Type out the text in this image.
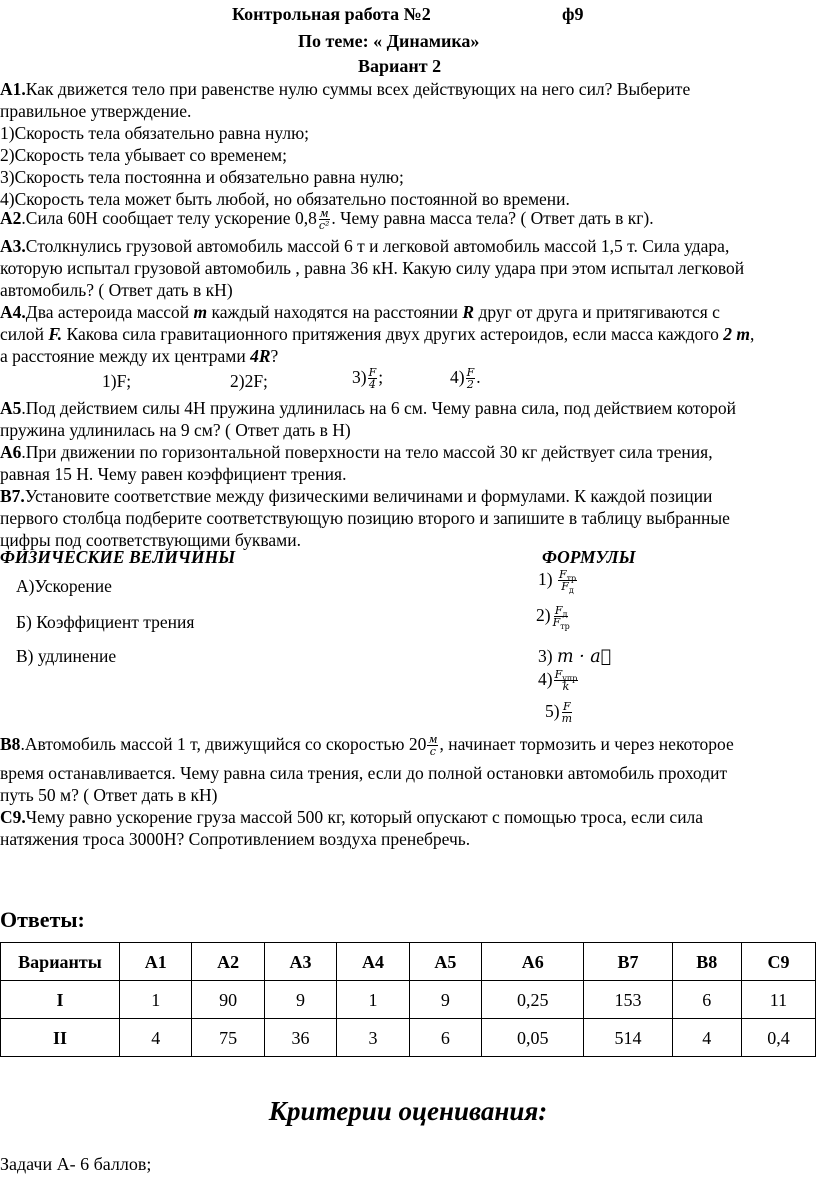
Контрольная работа №2	ф9
По теме: « Динамика»
Вариант 2
А1.Как движется тело при равенстве нулю суммы всех действующих на него сил? Выберите
правильное утверждение.
1)Скорость тела обязательно равна нулю;
2)Скорость тела убывает со временем;
3)Скорость тела постоянна и обязательно равна нулю;
4)Скорость тела может быть любой, но обязательно постоянной во времени.
А2.Сила 60Н сообщает телу ускорение $0,8 \frac{м}{\text{с²}}$ . Чему равна масса тела? ( Ответ дать в кг).
А3.Столкнулись грузовой автомобиль массой 6 т и легковой автомобиль массой 1,5 т. Сила удара,
которую испытал грузовой автомобиль , равна 36 кН. Какую силу удара при этом испытал легковой
автомобиль? ( Ответ дать в кН)
А4.Два астероида массой m каждый находятся на расстоянии R друг от друга и притягиваются с
силой F. Какова сила гравитационного притяжения двух других астероидов, если масса каждого 2 m,
а расстояние между их центрами 4R?
1)F;	2)2F;	$3) \frac{F}{4}$ ;	$4) \frac{F}{2}$ .
А5.Под действием силы 4Н пружина удлинилась на 6 см. Чему равна сила, под действием которой
пружина удлинилась на 9 см? ( Ответ дать в Н)
А6.При движении по горизонтальной поверхности на тело массой 30 кг действует сила трения,
равная 15 Н. Чему равен коэффициент трения.
В7.Установите соответствие между физическими величинами и формулами. К каждой позиции
первого столбца подберите соответствующую позицию второго и запишите в таблицу выбранные
цифры под соответствующими буквами.
ФИЗИЧЕСКИЕ ВЕЛИЧИНЫ	ФОРМУЛЫ
А)Ускорение
Б) Коэффициент трения
В) удлинение
$1) \frac{F_{тр}}{F_д}$
$2) \frac{F_д}{F_{тр}}$
3) m · a⃗
$4) \frac{F_{упр}}{k}$
$5) \frac{F}{m}$
В8.Автомобиль массой 1 т, движущийся со скоростью $20 \frac{м}{с}$ , начинает тормозить и через некоторое
время останавливается. Чему равна сила трения, если до полной остановки автомобиль проходит
путь 50 м? ( Ответ дать в кН)
С9.Чему равно ускорение груза массой 500 кг, который опускают с помощью троса, если сила
натяжения троса 3000Н? Сопротивлением воздуха пренебречь.
Ответы:
Варианты	А1	А2	А3	А4	А5	А6	В7	В8	С9
I	1	90	9	1	9	0,25	153	6	11
II	4	75	36	3	6	0,05	514	4	0,4
Критерии оценивания:
Задачи А- 6 баллов;
